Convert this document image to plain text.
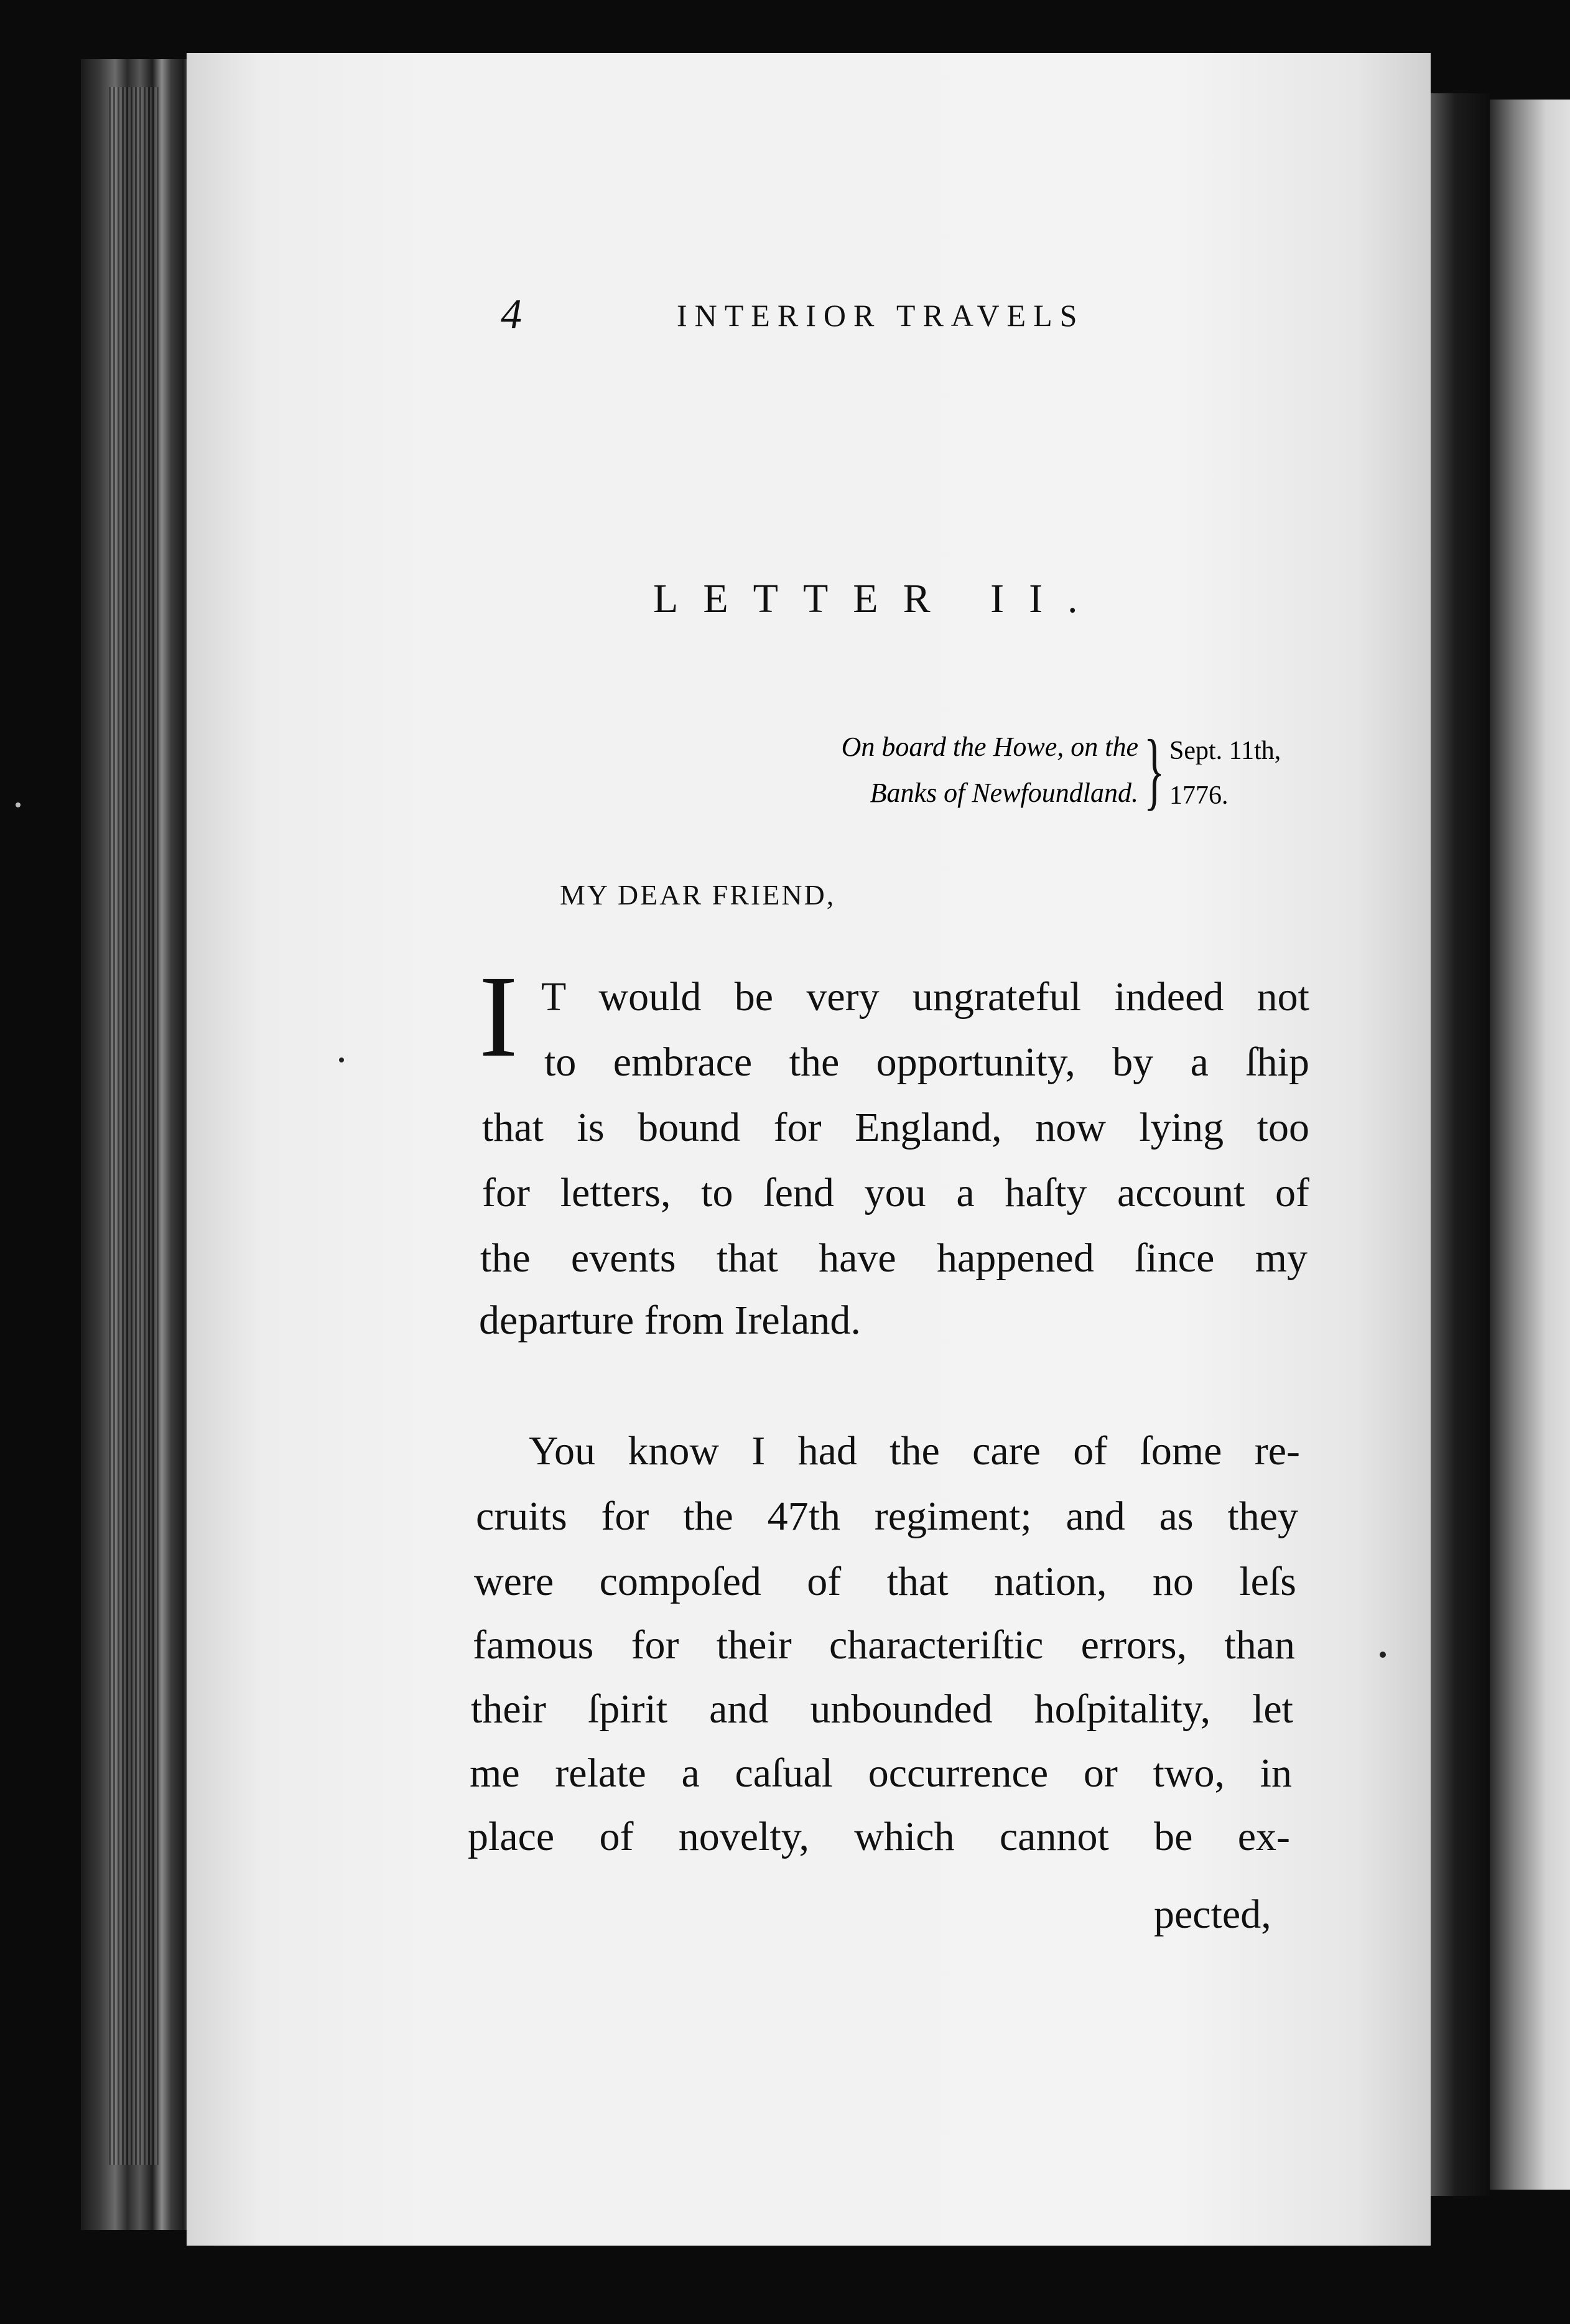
4	INTERIOR TRAVELS
LETTER II.
On board the Howe, on the
Banks of Newfoundland. } Sept. 11th,
1776.
MY DEAR FRIEND,
I T would be very ungrateful indeed not
to embrace the opportunity, by a ſhip
that is bound for England, now lying too
for letters, to ſend you a haſty account of
the events that have happened ſince my
departure from Ireland.
You know I had the care of ſome re-
cruits for the 47th regiment; and as they
were compoſed of that nation, no leſs
famous for their characteriſtic errors, than
their ſpirit and unbounded hoſpitality, let
me relate a caſual occurrence or two, in
place of novelty, which cannot be ex-
pected,
